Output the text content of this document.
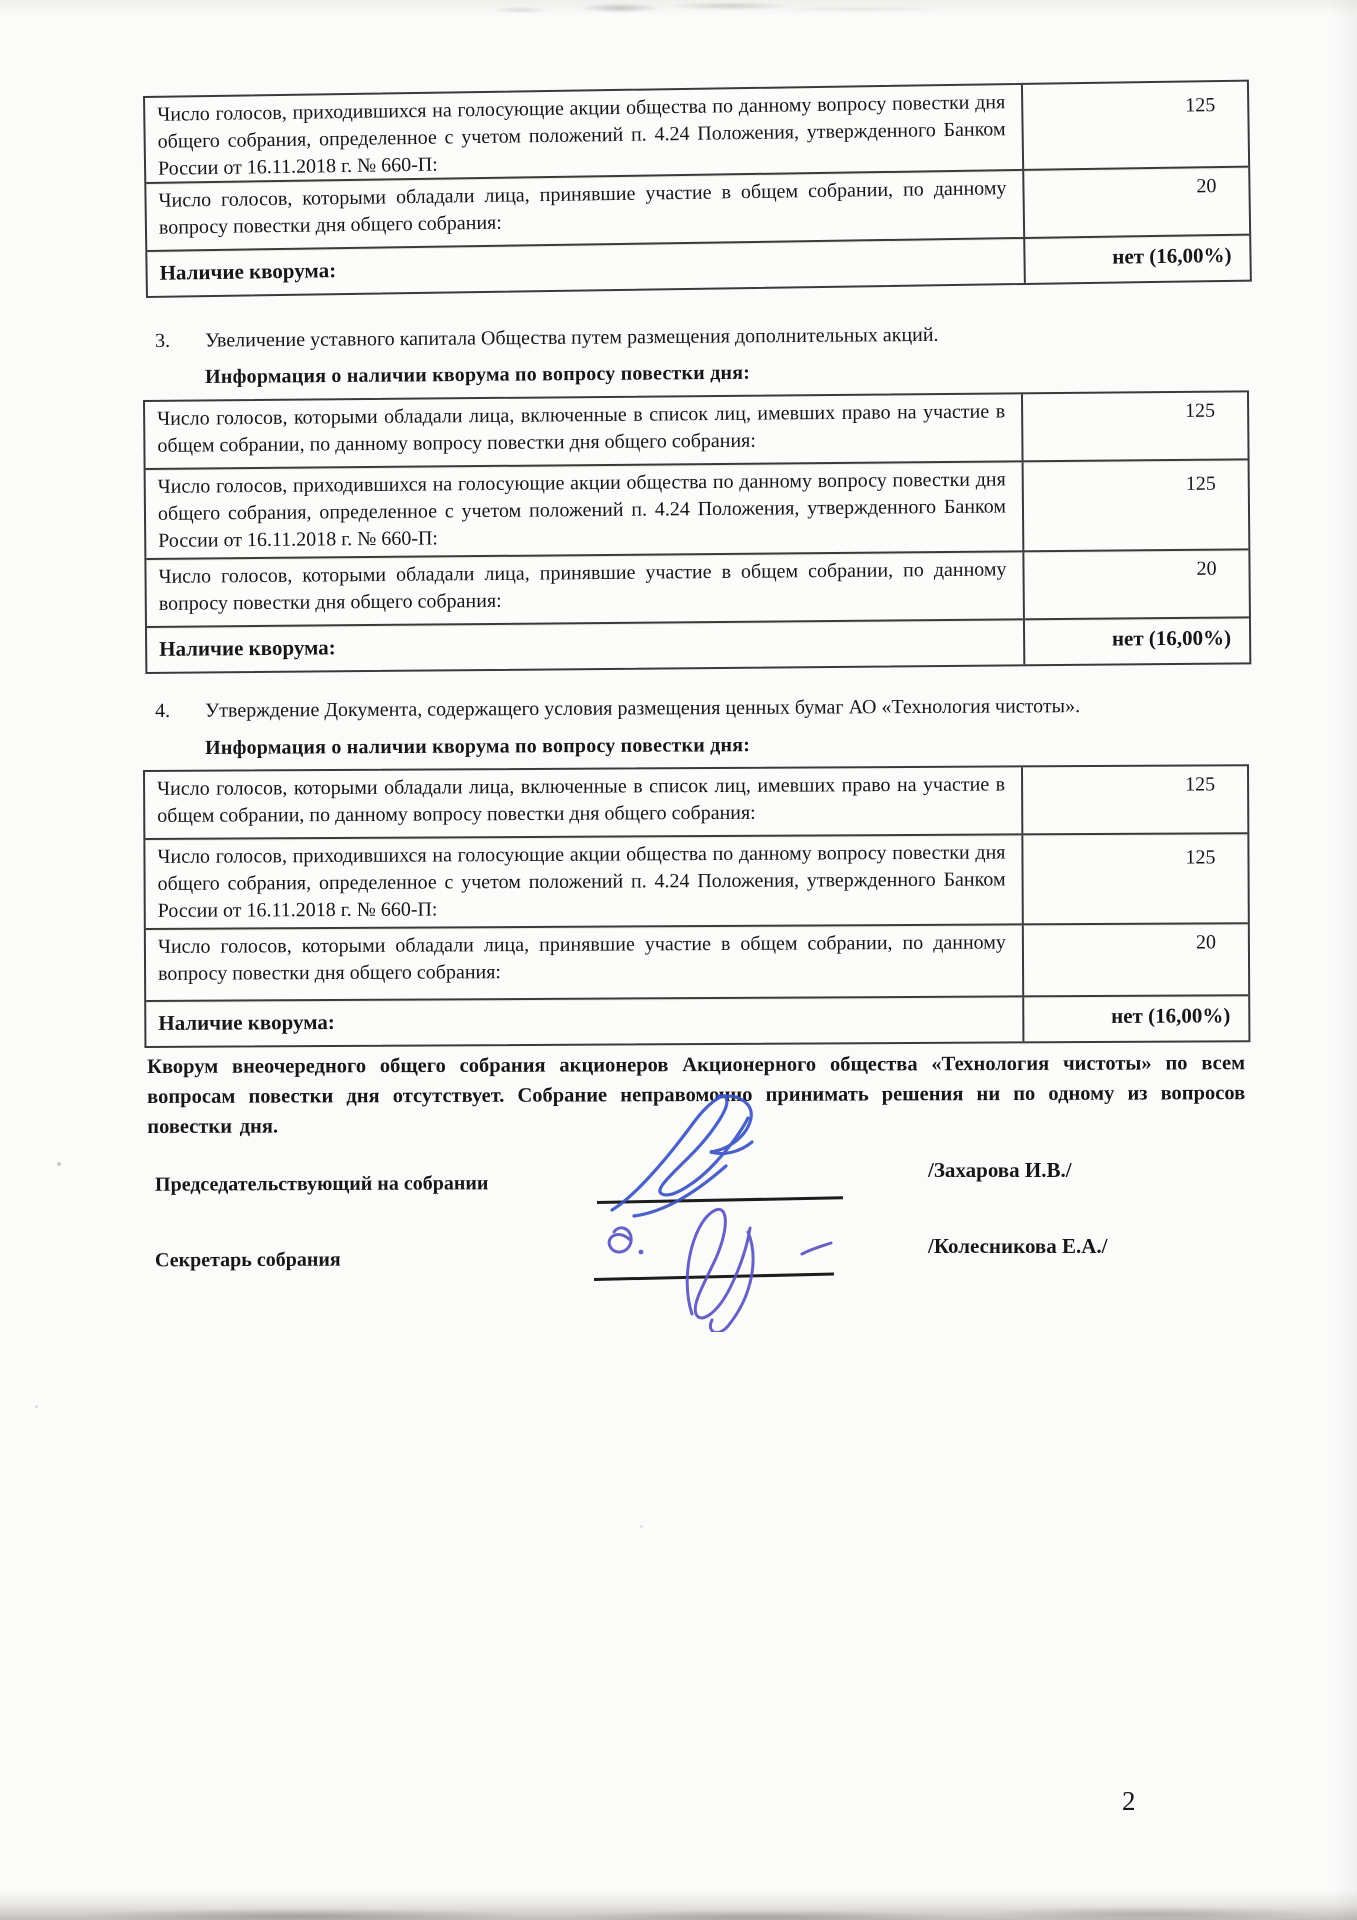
Число голосов, приходившихся на голосующие акции общества по данному вопросу повестки дня общего собрания, определенное с учетом положений п. 4.24 Положения, утвержденного Банком России от 16.11.2018 г. № 660-П:
125
Число голосов, которыми обладали лица, принявшие участие в общем собрании, по данному вопросу повестки дня общего собрания:
20
Наличие кворума:
нет (16,00%)
3. Увеличение уставного капитала Общества путем размещения дополнительных акций.
Информация о наличии кворума по вопросу повестки дня:
Число голосов, которыми обладали лица, включенные в список лиц, имевших право на участие в общем собрании, по данному вопросу повестки дня общего собрания:
125
Число голосов, приходившихся на голосующие акции общества по данному вопросу повестки дня общего собрания, определенное с учетом положений п. 4.24 Положения, утвержденного Банком России от 16.11.2018 г. № 660-П:
125
Число голосов, которыми обладали лица, принявшие участие в общем собрании, по данному вопросу повестки дня общего собрания:
20
Наличие кворума:	нет (16,00%)
4. Утверждение Документа, содержащего условия размещения ценных бумаг АО «Технология чистоты».
Информация о наличии кворума по вопросу повестки дня:
Число голосов, которыми обладали лица, включенные в список лиц, имевших право на участие в общем собрании, по данному вопросу повестки дня общего собрания:
125
Число голосов, приходившихся на голосующие акции общества по данному вопросу повестки дня общего собрания, определенное с учетом положений п. 4.24 Положения, утвержденного Банком России от 16.11.2018 г. № 660-П:
125
Число голосов, которыми обладали лица, принявшие участие в общем собрании, по данному вопросу повестки дня общего собрания:
20
Наличие кворума:	нет (16,00%)
Кворум внеочередного общего собрания акционеров Акционерного общества «Технология чистоты» по всем вопросам повестки дня отсутствует. Собрание неправомочно принимать решения ни по одному из вопросов повестки дня.
Председательствующий на собрании
/Захарова И.В./
Секретарь собрания
/Колесникова Е.А./
2
